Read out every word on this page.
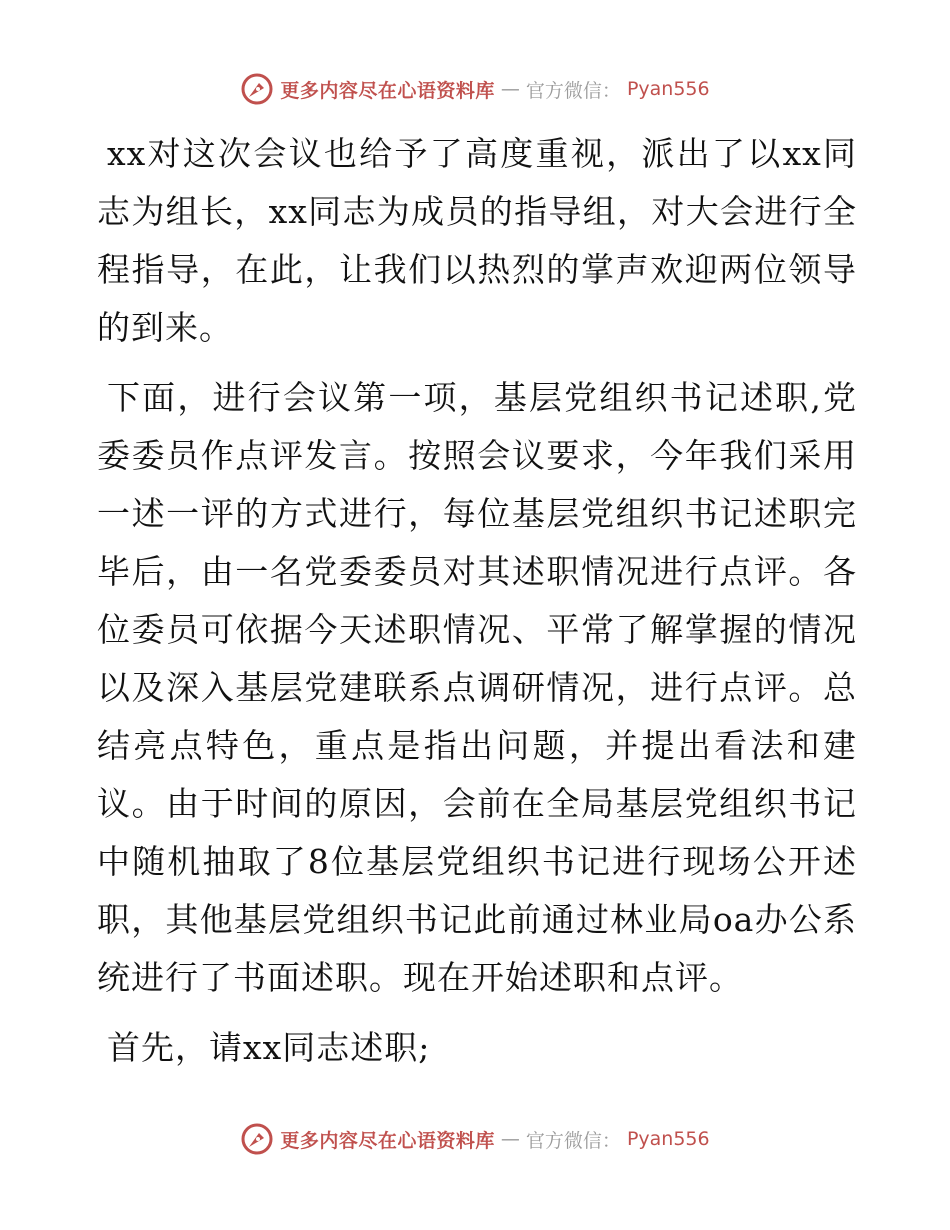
更多内容尽在心语资料库 — 官方微信： Pyan556

xx对这次会议也给予了高度重视，派出了以xx同志为组长，xx同志为成员的指导组，对大会进行全程指导，在此，让我们以热烈的掌声欢迎两位领导的到来。

下面，进行会议第一项，基层党组织书记述职,党委委员作点评发言。按照会议要求，今年我们采用一述一评的方式进行，每位基层党组织书记述职完毕后，由一名党委委员对其述职情况进行点评。各位委员可依据今天述职情况、平常了解掌握的情况以及深入基层党建联系点调研情况，进行点评。总结亮点特色，重点是指出问题，并提出看法和建议。由于时间的原因，会前在全局基层党组织书记中随机抽取了8位基层党组织书记进行现场公开述职，其他基层党组织书记此前通过林业局oa办公系统进行了书面述职。现在开始述职和点评。

首先，请xx同志述职;

更多内容尽在心语资料库 — 官方微信： Pyan556
